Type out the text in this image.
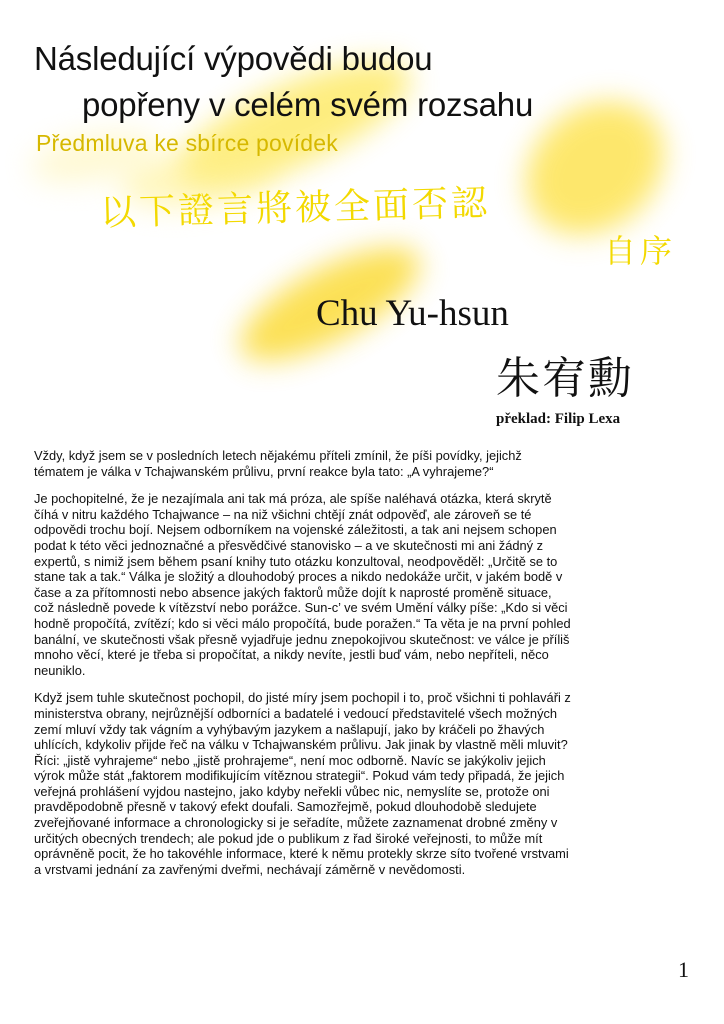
Následující výpovědi budou
popřeny v celém svém rozsahu
Předmluva ke sbírce povídek
以下證言將被全面否認
自序
Chu Yu-hsun
朱宥勳
překlad: Filip Lexa

Vždy, když jsem se v posledních letech nějakému příteli zmínil, že píši povídky, jejichž tématem je válka v Tchajwanském průlivu, první reakce byla tato: „A vyhrajeme?“

Je pochopitelné, že je nezajímala ani tak má próza, ale spíše naléhavá otázka, která skrytě číhá v nitru každého Tchajwance – na niž všichni chtějí znát odpověď, ale zároveň se té odpovědi trochu bojí. Nejsem odborníkem na vojenské záležitosti, a tak ani nejsem schopen podat k této věci jednoznačné a přesvědčivé stanovisko – a ve skutečnosti mi ani žádný z expertů, s nimiž jsem během psaní knihy tuto otázku konzultoval, neodpověděl: „Určitě se to stane tak a tak.“ Válka je složitý a dlouhodobý proces a nikdo nedokáže určit, v jakém bodě v čase a za přítomnosti nebo absence jakých faktorů může dojít k naprosté proměně situace, což následně povede k vítězství nebo porážce. Sun-c’ ve svém Umění války píše: „Kdo si věci hodně propočítá, zvítězí; kdo si věci málo propočítá, bude poražen.“ Ta věta je na první pohled banální, ve skutečnosti však přesně vyjadřuje jednu znepokojivou skutečnost: ve válce je příliš mnoho věcí, které je třeba si propočítat, a nikdy nevíte, jestli buď vám, nebo nepříteli, něco neuniklo.

Když jsem tuhle skutečnost pochopil, do jisté míry jsem pochopil i to, proč všichni ti pohlaváři z ministerstva obrany, nejrůznější odborníci a badatelé i vedoucí představitelé všech možných zemí mluví vždy tak vágním a vyhýbavým jazykem a našlapují, jako by kráčeli po žhavých uhlících, kdykoliv přijde řeč na válku v Tchajwanském průlivu. Jak jinak by vlastně měli mluvit? Říci: „jistě vyhrajeme“ nebo „jistě prohrajeme“, není moc odborně. Navíc se jakýkoliv jejich výrok může stát „faktorem modifikujícím vítěznou strategii“. Pokud vám tedy připadá, že jejich veřejná prohlášení vyjdou nastejno, jako kdyby neřekli vůbec nic, nemyslíte se, protože oni pravděpodobně přesně v takový efekt doufali. Samozřejmě, pokud dlouhodobě sledujete zveřejňované informace a chronologicky si je seřadíte, můžete zaznamenat drobné změny v určitých obecných trendech; ale pokud jde o publikum z řad široké veřejnosti, to může mít oprávněně pocit, že ho takovéhle informace, které k němu protekly skrze síto tvořené vrstvami a vrstvami jednání za zavřenými dveřmi, nechávají záměrně v nevědomosti.

1
